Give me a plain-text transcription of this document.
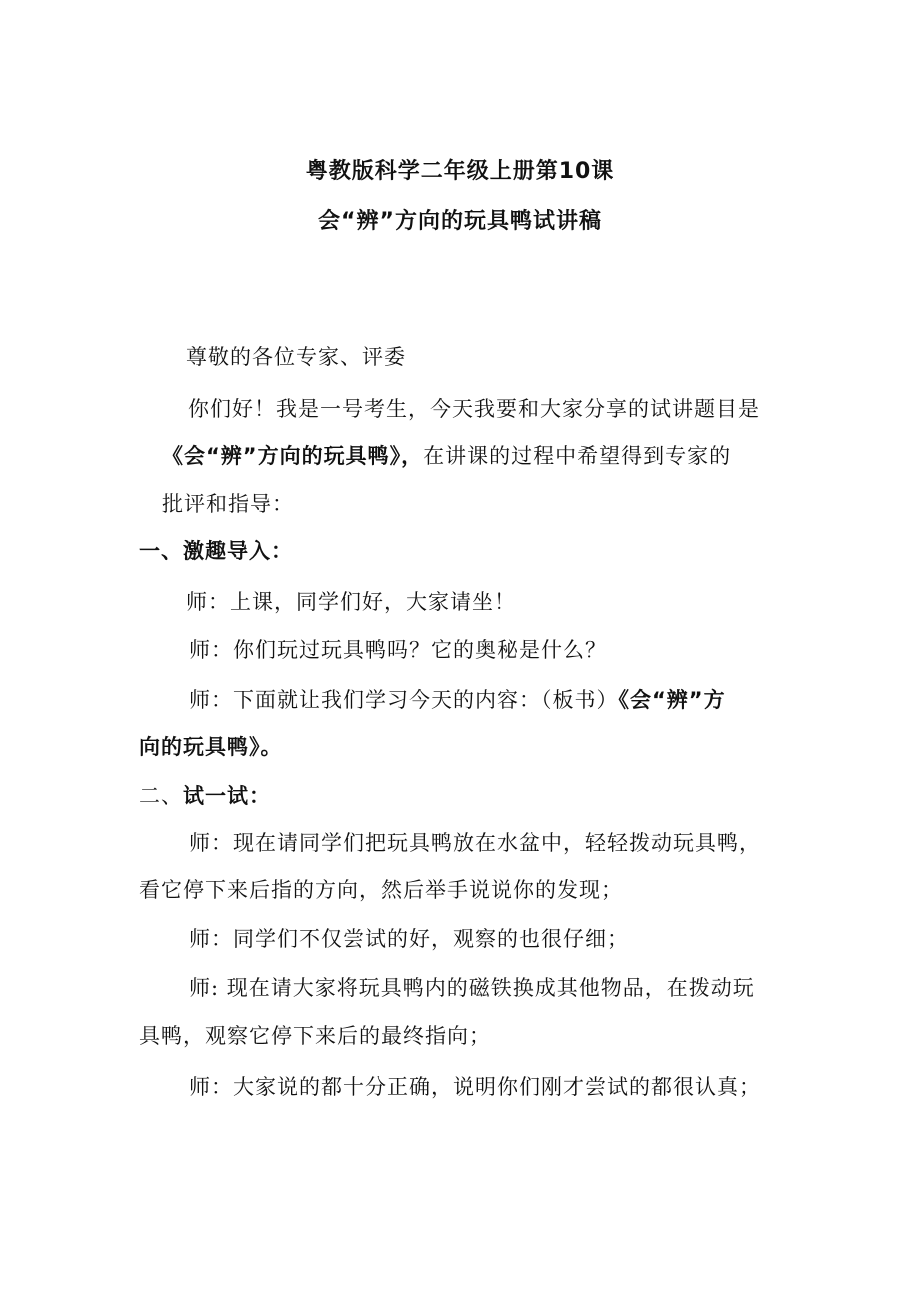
粤教版科学二年级上册第10课
会“辨”方向的玩具鸭试讲稿
尊敬的各位专家、评委
你们好！我是一号考生，今天我要和大家分享的试讲题目是
《会“辨”方向的玩具鸭》，在讲课的过程中希望得到专家的
批评和指导：
一、激趣导入：
师：上课，同学们好，大家请坐！
师：你们玩过玩具鸭吗？它的奥秘是什么？
师：下面就让我们学习今天的内容：（板书）《会“辨”方
向的玩具鸭》。
二、试一试：
师：现在请同学们把玩具鸭放在水盆中，轻轻拨动玩具鸭，
看它停下来后指的方向，然后举手说说你的发现；
师：同学们不仅尝试的好，观察的也很仔细；
师: 现在请大家将玩具鸭内的磁铁换成其他物品，在拨动玩
具鸭，观察它停下来后的最终指向；
师：大家说的都十分正确，说明你们刚才尝试的都很认真；
